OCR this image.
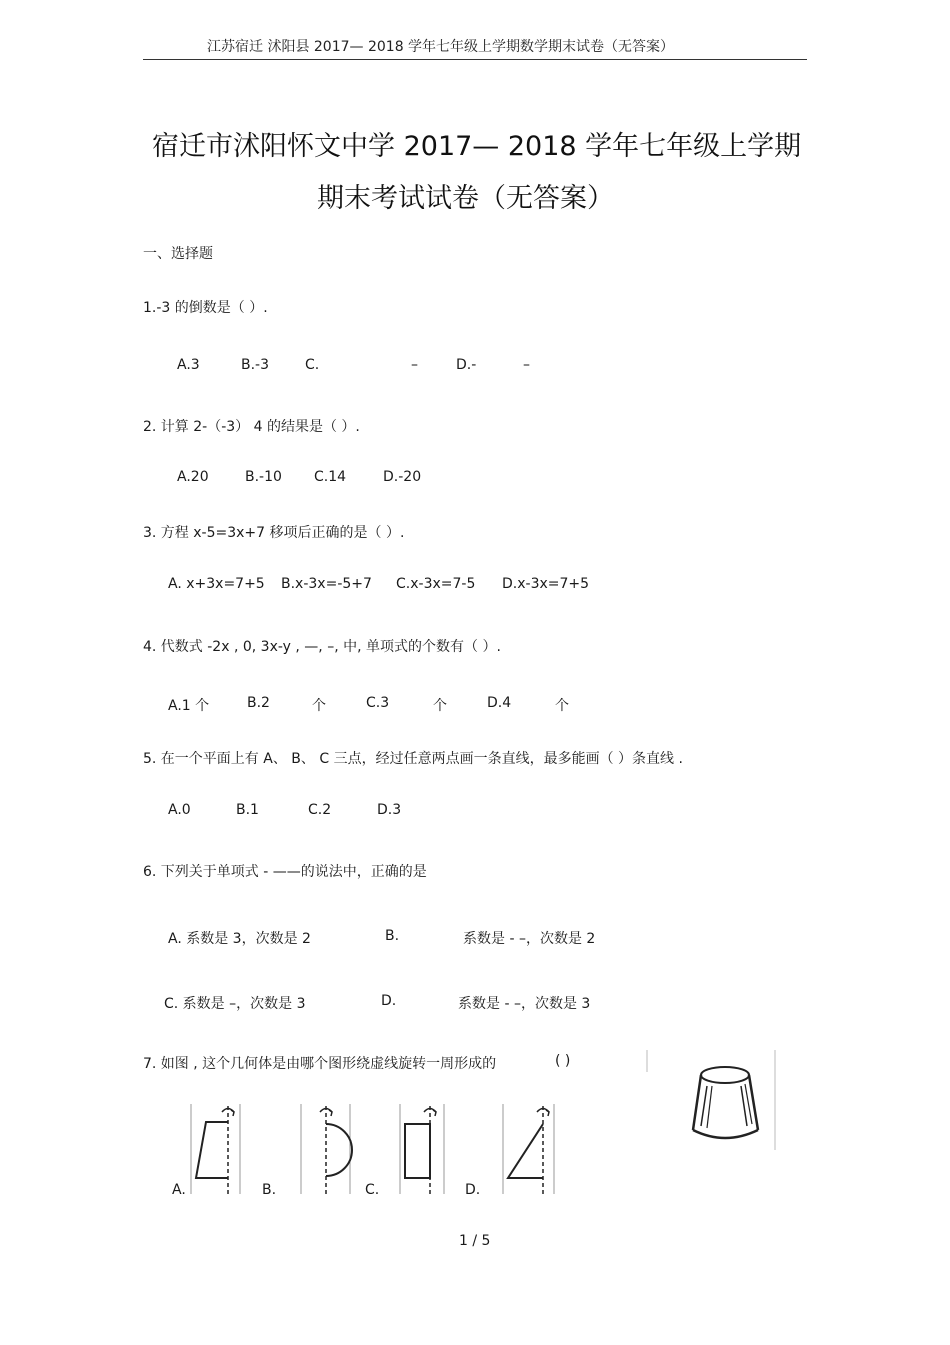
江苏宿迁 沭阳县 2017— 2018 学年七年级上学期数学期末试卷（无答案）
宿迁市沭阳怀文中学 2017— 2018 学年七年级上学期
期末考试试卷（无答案）
一、选择题
1.-3 的倒数是（ ）.
A.3	B.-3	C.	–	D.-	–
2. 计算 2-（-3） 4 的结果是（ ）.
A.20	B.-10 C.14	D.-20
3. 方程 x-5=3x+7 移项后正确的是（ ）.
A. x+3x=7+5 B.x-3x=-5+7 C.x-3x=7-5 D.x-3x=7+5
4. 代数式 -2x , 0, 3x-y , —, –, 中, 单项式的个数有（ ）.
A.1 个	B.2	个	C.3	个	D.4	个
5. 在一个平面上有 A、 B、 C 三点，经过任意两点画一条直线，最多能画（ ）条直线 .
A.0	B.1	C.2	D.3
6. 下列关于单项式 - ——的说法中，正确的是
A. 系数是 3，次数是 2	B.	系数是 - –，次数是 2
C. 系数是 –，次数是 3	D.	系数是 - –，次数是 3
7. 如图 , 这个几何体是由哪个图形绕虚线旋转一周形成的	( )
A.	B.	C.	D.
1 / 5
